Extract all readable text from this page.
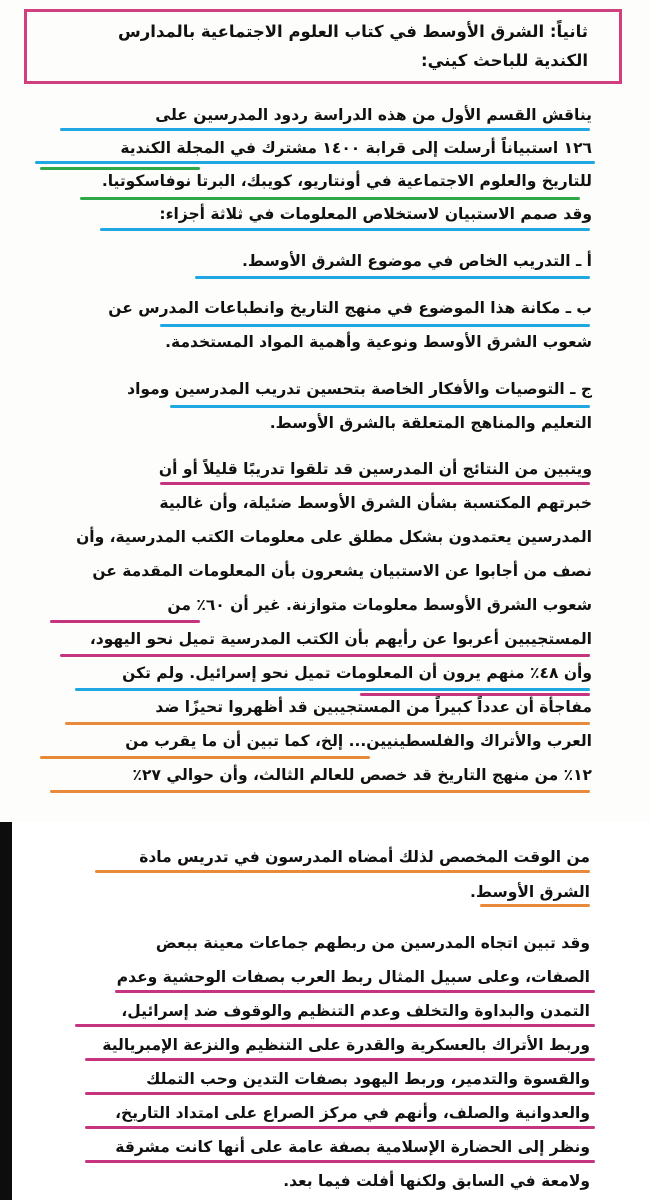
ثانياً: الشرق الأوسط في كتاب العلوم الاجتماعية بالمدارس
الكندية للباحث كيني:
يناقش القسم الأول من هذه الدراسة ردود المدرسين على
١٢٦ استبياناً أرسلت إلى قرابة ١٤٠٠ مشترك في المجلة الكندية
للتاريخ والعلوم الاجتماعية في أونتاريو، كويبك، البرتا نوفاسكوتيا.
وقد صمم الاستبيان لاستخلاص المعلومات في ثلاثة أجزاء:
أ ـ التدريب الخاص في موضوع الشرق الأوسط.
ب ـ مكانة هذا الموضوع في منهج التاريخ وانطباعات المدرس عن
شعوب الشرق الأوسط ونوعية وأهمية المواد المستخدمة.
ج ـ التوصيات والأفكار الخاصة بتحسين تدريب المدرسين ومواد
التعليم والمناهج المتعلقة بالشرق الأوسط.
ويتبين من النتائج أن المدرسين قد تلقوا تدريبًا قليلاً أو أن
خبرتهم المكتسبة بشأن الشرق الأوسط ضئيلة، وأن غالبية
المدرسين يعتمدون بشكل مطلق على معلومات الكتب المدرسية، وأن
نصف من أجابوا عن الاستبيان يشعرون بأن المعلومات المقدمة عن
شعوب الشرق الأوسط معلومات متوازنة. غير أن ٦٠٪ من
المستجيبين أعربوا عن رأيهم بأن الكتب المدرسية تميل نحو اليهود،
وأن ٤٨٪ منهم يرون أن المعلومات تميل نحو إسرائيل. ولم تكن
مفاجأة أن عدداً كبيراً من المستجيبين قد أظهروا تحيزًا ضد
العرب والأتراك والفلسطينيين... إلخ، كما تبين أن ما يقرب من
١٢٪ من منهج التاريخ قد خصص للعالم الثالث، وأن حوالي ٢٧٪
من الوقت المخصص لذلك أمضاه المدرسون في تدريس مادة
الشرق الأوسط.
وقد تبين اتجاه المدرسين من ربطهم جماعات معينة ببعض
الصفات، وعلى سبيل المثال ربط العرب بصفات الوحشية وعدم
التمدن والبداوة والتخلف وعدم التنظيم والوقوف ضد إسرائيل،
وربط الأتراك بالعسكرية والقدرة على التنظيم والنزعة الإمبريالية
والقسوة والتدمير، وربط اليهود بصفات التدين وحب التملك
والعدوانية والصلف، وأنهم في مركز الصراع على امتداد التاريخ،
ونظر إلى الحضارة الإسلامية بصفة عامة على أنها كانت مشرقة
ولامعة في السابق ولكنها أفلت فيما بعد.
